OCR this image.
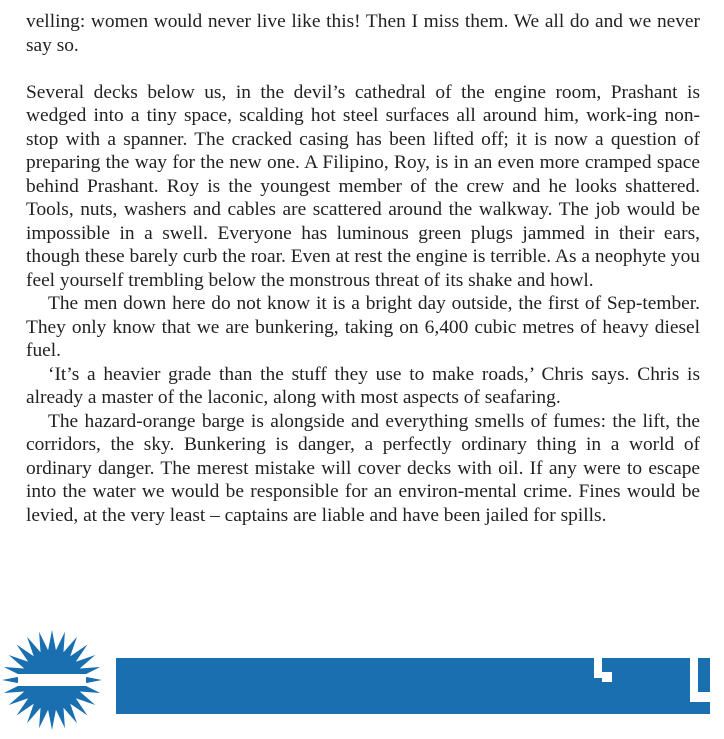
velling: women would never live like this! Then I miss them. We all do and we never say so.

Several decks below us, in the devil’s cathedral of the engine room, Prashant is wedged into a tiny space, scalding hot steel surfaces all around him, work-ing non-stop with a spanner. The cracked casing has been lifted off; it is now a question of preparing the way for the new one. A Filipino, Roy, is in an even more cramped space behind Prashant. Roy is the youngest member of the crew and he looks shattered. Tools, nuts, washers and cables are scattered around the walkway. The job would be impossible in a swell. Everyone has luminous green plugs jammed in their ears, though these barely curb the roar. Even at rest the engine is terrible. As a neophyte you feel yourself trembling below the monstrous threat of its shake and howl.

The men down here do not know it is a bright day outside, the first of Sep-tember. They only know that we are bunkering, taking on 6,400 cubic metres of heavy diesel fuel.

‘It’s a heavier grade than the stuff they use to make roads,’ Chris says. Chris is already a master of the laconic, along with most aspects of seafaring.

The hazard-orange barge is alongside and everything smells of fumes: the lift, the corridors, the sky. Bunkering is danger, a perfectly ordinary thing in a world of ordinary danger. The merest mistake will cover decks with oil. If any were to escape into the water we would be responsible for an environ-mental crime. Fines would be levied, at the very least – captains are liable and have been jailed for spills.
